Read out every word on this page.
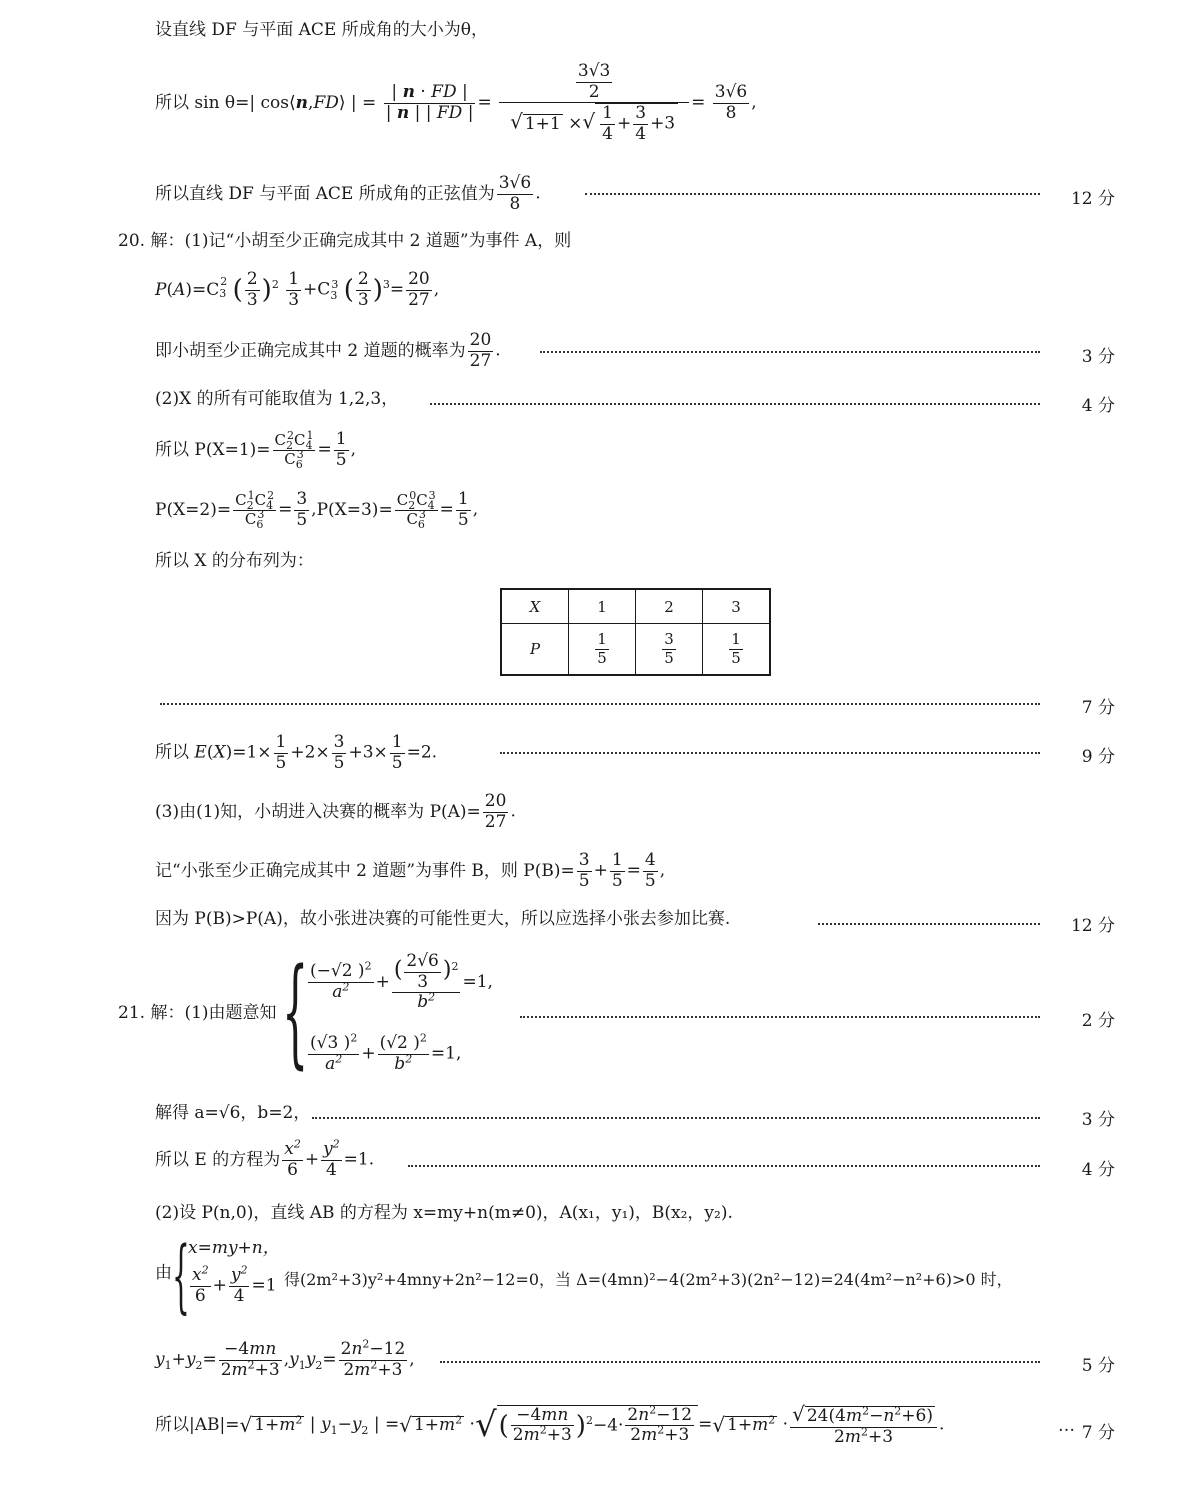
设直线 DF 与平面 ACE 所成角的大小为θ，
所以 sin θ=| cos⟨n,FD⟩ | = $\frac{| n \cdot FD |}{| n | | FD |} = \frac{\frac{3√3}{2}}{√ 1+1 \times√ \frac{1}{4} + \frac{3}{4} +3} = \frac{3√6}{8}$ ,
所以直线 DF 与平面 ACE 所成角的正弦值为 $\frac{3√6}{8}$ .	12 分
20. 解：(1)记“小胡至少正确完成其中 2 道题”为事件 A，则
$P(A)=C_3^2$ ( $\frac{2}{3} )^2 \frac{1}{3} +C_3^3$ ( $\frac{2}{3} )^3= \frac{20}{27}$ ,
即小胡至少正确完成其中 2 道题的概率为 $\frac{20}{27}$ .	3 分
(2)X 的所有可能取值为 1,2,3，	4 分
所以 $P(X=1)= \frac{C_2^2C_4^1}{C_6^3} = \frac{1}{5}$ ,
$P(X=2)= \frac{C_2^1C_4^2}{C_6^3} = \frac{3}{5} ,P(X=3)= \frac{C_2^0C_4^3}{C_6^3} = \frac{1}{5}$ ,
所以 X 的分布列为：
X	1	2	3
P	$\frac{1}{5}$	$\frac{3}{5}$	$\frac{1}{5}$
7 分
所以 $E(X)=1\times \frac{1}{5} +2\times \frac{3}{5} +3\times \frac{1}{5} =2$.	9 分
(3)由(1)知，小胡进入决赛的概率为 $P(A)= \frac{20}{27}$ .
记“小张至少正确完成其中 2 道题”为事件 B，则 $P(B)= \frac{3}{5} + \frac{1}{5} = \frac{4}{5}$ ,
因为 P(B)>P(A)，故小张进决赛的可能性更大，所以应选择小张去参加比赛.	12 分
21. 解：(1)由题意知 { $\frac{(-√2 )^2}{a^2} + \frac{( \frac{2√6}{3} )^2}{b^2} =1$,
$\frac{(√3 )^2}{a^2} + \frac{(√2 )^2}{b^2} =1$,
2 分
解得 a=√6，b=2，	3 分
所以 E 的方程为 $\frac{x^2}{6} + \frac{y^2}{4} =1$.
4 分
(2)设 P(n,0)，直线 AB 的方程为 x=my+n(m≠0)，A(x₁，y₁)，B(x₂，y₂).
由 {
x=my+n，
$\frac{x^2}{6} + \frac{y^2}{4} =1$ 得(2m²+3)y²+4mny+2n²−12=0，当 Δ=(4mn)²−4(2m²+3)(2n²−12)=24(4m²−n²+6)>0 时，
$y_1+y_2= \frac{-4mn}{2m^2+3} ,y_1y_2= \frac{2n^2-12}{2m^2+3}$ ,	5 分
所以|AB|=√ $1+m^2$ | $y_1-y_2$ | =√ $1+m^2$ ·√( $\frac{-4mn}{2m^2+3} )^2-4\cdot \frac{2n^2-12}{2m^2+3}$ =√ $1+m^2 \cdot \frac{√ 24(4m^2-n^2+6)}{2m^2+3}$ .	… 7 分
